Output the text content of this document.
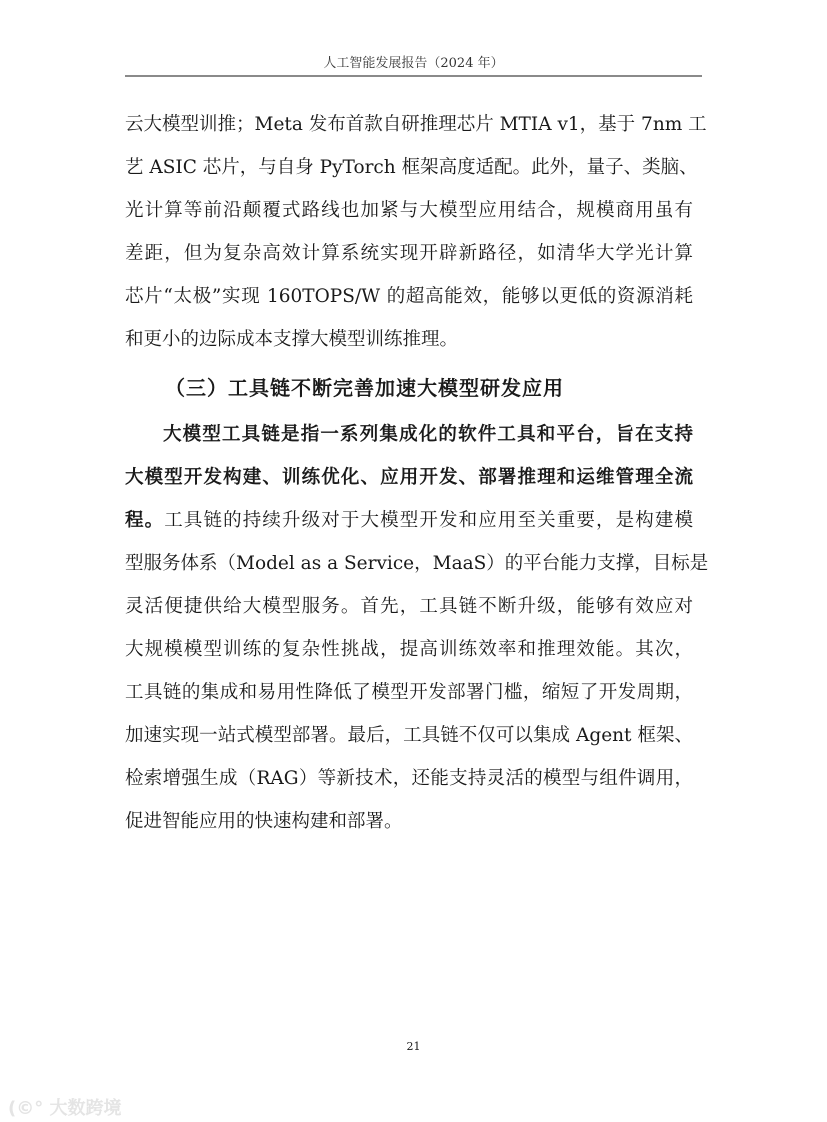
人工智能发展报告（2024 年）
云大模型训推；Meta 发布首款自研推理芯片 MTIA v1，基于 7nm 工
艺 ASIC 芯片，与自身 PyTorch 框架高度适配。此外，量子、类脑、
光计算等前沿颠覆式路线也加紧与大模型应用结合，规模商用虽有
差距，但为复杂高效计算系统实现开辟新路径，如清华大学光计算
芯片“太极”实现 160TOPS/W 的超高能效，能够以更低的资源消耗
和更小的边际成本支撑大模型训练推理。
（三）工具链不断完善加速大模型研发应用
大模型工具链是指一系列集成化的软件工具和平台，旨在支持
大模型开发构建、训练优化、应用开发、部署推理和运维管理全流
程。工具链的持续升级对于大模型开发和应用至关重要，是构建模
型服务体系（Model as a Service，MaaS）的平台能力支撑，目标是
灵活便捷供给大模型服务。首先，工具链不断升级，能够有效应对
大规模模型训练的复杂性挑战，提高训练效率和推理效能。其次，
工具链的集成和易用性降低了模型开发部署门槛，缩短了开发周期，
加速实现一站式模型部署。最后，工具链不仅可以集成 Agent 框架、
检索增强生成（RAG）等新技术，还能支持灵活的模型与组件调用，
促进智能应用的快速构建和部署。
21
(©° 大数跨境
